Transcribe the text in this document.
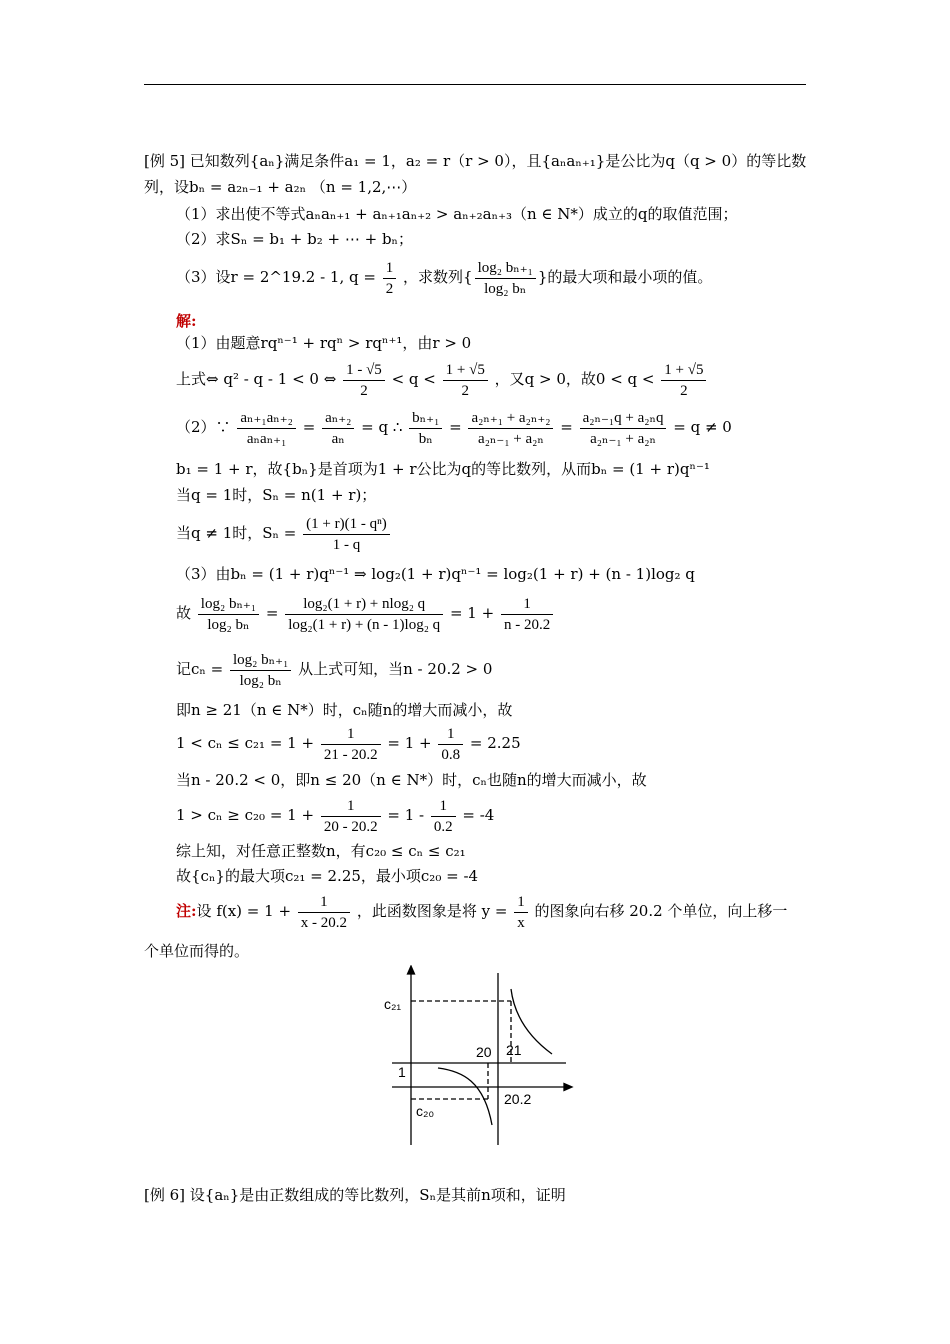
[例 5] 已知数列{aₙ}满足条件a₁ = 1，a₂ = r（r > 0），且{aₙaₙ₊₁}是公比为q（q > 0）的等比数
列，设bₙ = a₂ₙ₋₁ + a₂ₙ （n = 1,2,⋯）
（1）求出使不等式aₙaₙ₊₁ + aₙ₊₁aₙ₊₂ > aₙ₊₂aₙ₊₃（n ∈ N*）成立的q的取值范围；
（2）求Sₙ = b₁ + b₂ + ⋯ + bₙ；
（3）设r = 2^19.2 - 1, $q = \frac{1}{2}$ ，求数列{ $\frac{\text{log₂ bₙ₊₁}}{\text{log₂ bₙ}}$ }的最大项和最小项的值。
解:
（1）由题意rqⁿ⁻¹ + rqⁿ > rqⁿ⁺¹，由r > 0
上式⇔ q² - q - 1 < 0 ⇔ $\frac{1 - √5}{2} < q < \frac{1 + √5}{2}$ ，又q > 0，故$0 < q < \frac{1 + √5}{2}$
（2）∵ $\frac{\text{aₙ₊₁aₙ₊₂}}{\text{aₙaₙ₊₁}} = \frac{\text{aₙ₊₂}}{\text{aₙ}} = q$ ∴ $\frac{\text{bₙ₊₁}}{\text{bₙ}} = \frac{\text{a₂ₙ₊₁ + a₂ₙ₊₂}}{\text{a₂ₙ₋₁ + a₂ₙ}} = \frac{\text{a₂ₙ₋₁q + a₂ₙq}}{\text{a₂ₙ₋₁ + a₂ₙ}} = q \ne 0$
b₁ = 1 + r，故{bₙ}是首项为1 + r公比为q的等比数列，从而bₙ = (1 + r)qⁿ⁻¹
当q = 1时，Sₙ = n(1 + r)；
当q ≠ 1时，$S_n = \frac{\text{(1 + r)(1 - qⁿ)}}{1 - q}$
（3）由bₙ = (1 + r)qⁿ⁻¹ ⇒ log₂(1 + r)qⁿ⁻¹ = log₂(1 + r) + (n - 1)log₂ q
故 $\frac{\text{log₂ bₙ₊₁}}{\text{log₂ bₙ}} = \frac{\text{log₂(1 + r) + nlog₂ q}}{\text{log₂(1 + r) + (n - 1)log₂ q}} = 1 + \frac{1}{n - 20.2}$
记$c_n = \frac{\text{log₂ bₙ₊₁}}{\text{log₂ bₙ}}$ 从上式可知，当n - 20.2 > 0
即n ≥ 21（n ∈ N*）时，cₙ随n的增大而减小，故
$1 < c_n \le c_{21} = 1 + \frac{1}{21 - 20.2} = 1 + \frac{1}{0.8} = 2.25$
当n - 20.2 < 0，即n ≤ 20（n ∈ N*）时，cₙ也随n的增大而减小，故
$1 > c_n \ge c_{20} = 1 + \frac{1}{20 - 20.2} = 1 - \frac{1}{0.2} = -4$
综上知，对任意正整数n，有c₂₀ ≤ cₙ ≤ c₂₁
故{cₙ}的最大项c₂₁ = 2.25，最小项c₂₀ = -4
注:设 $f(x) = 1 + \frac{1}{x - 20.2}$ ，此函数图象是将 $y = \frac{1}{x}$ 的图象向右移 20.2 个单位，向上移一
个单位而得的。
c₂₁
1
20 21
20.2
c₂₀
[例 6] 设{aₙ}是由正数组成的等比数列，Sₙ是其前n项和，证明
